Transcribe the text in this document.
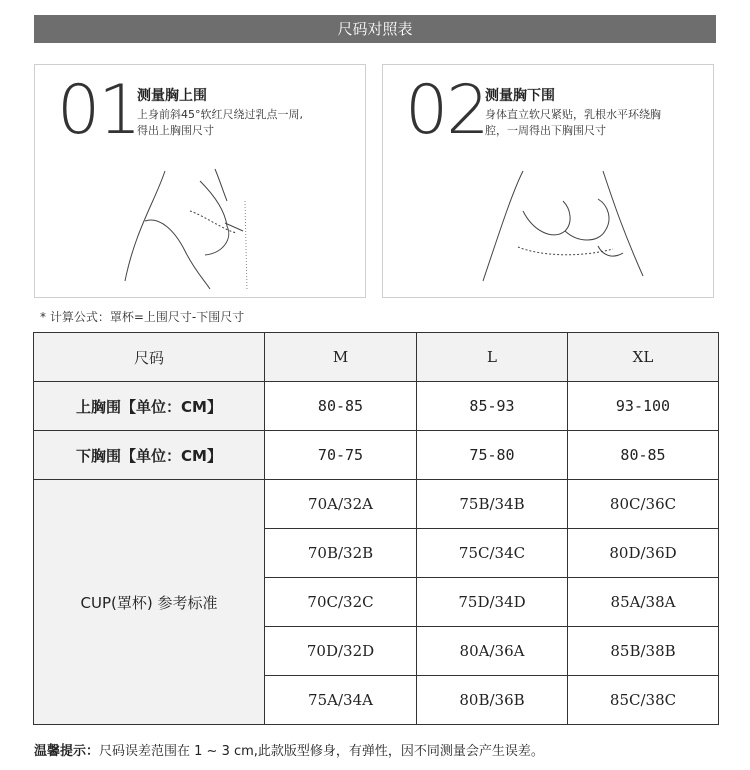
尺码对照表
01
测量胸上围
上身前斜45°软红尺绕过乳点一周,
得出上胸围尺寸	02
测量胸下围
身体直立软尺紧贴，乳根水平环绕胸
腔，一周得出下胸围尺寸
* 计算公式：罩杯=上围尺寸-下围尺寸
尺码	M	L	XL
上胸围【单位：CM】	80-85	85-93	93-100
下胸围【单位：CM】	70-75	75-80	80-85
CUP(罩杯) 参考标准	70A/32A	75B/34B	80C/36C
	70B/32B	75C/34C	80D/36D
	70C/32C	75D/34D	85A/38A
	70D/32D	80A/36A	85B/38B
	75A/34A	80B/36B	85C/38C
温馨提示：尺码误差范围在 1 ~ 3 cm,此款版型修身，有弹性，因不同测量会产生误差。
